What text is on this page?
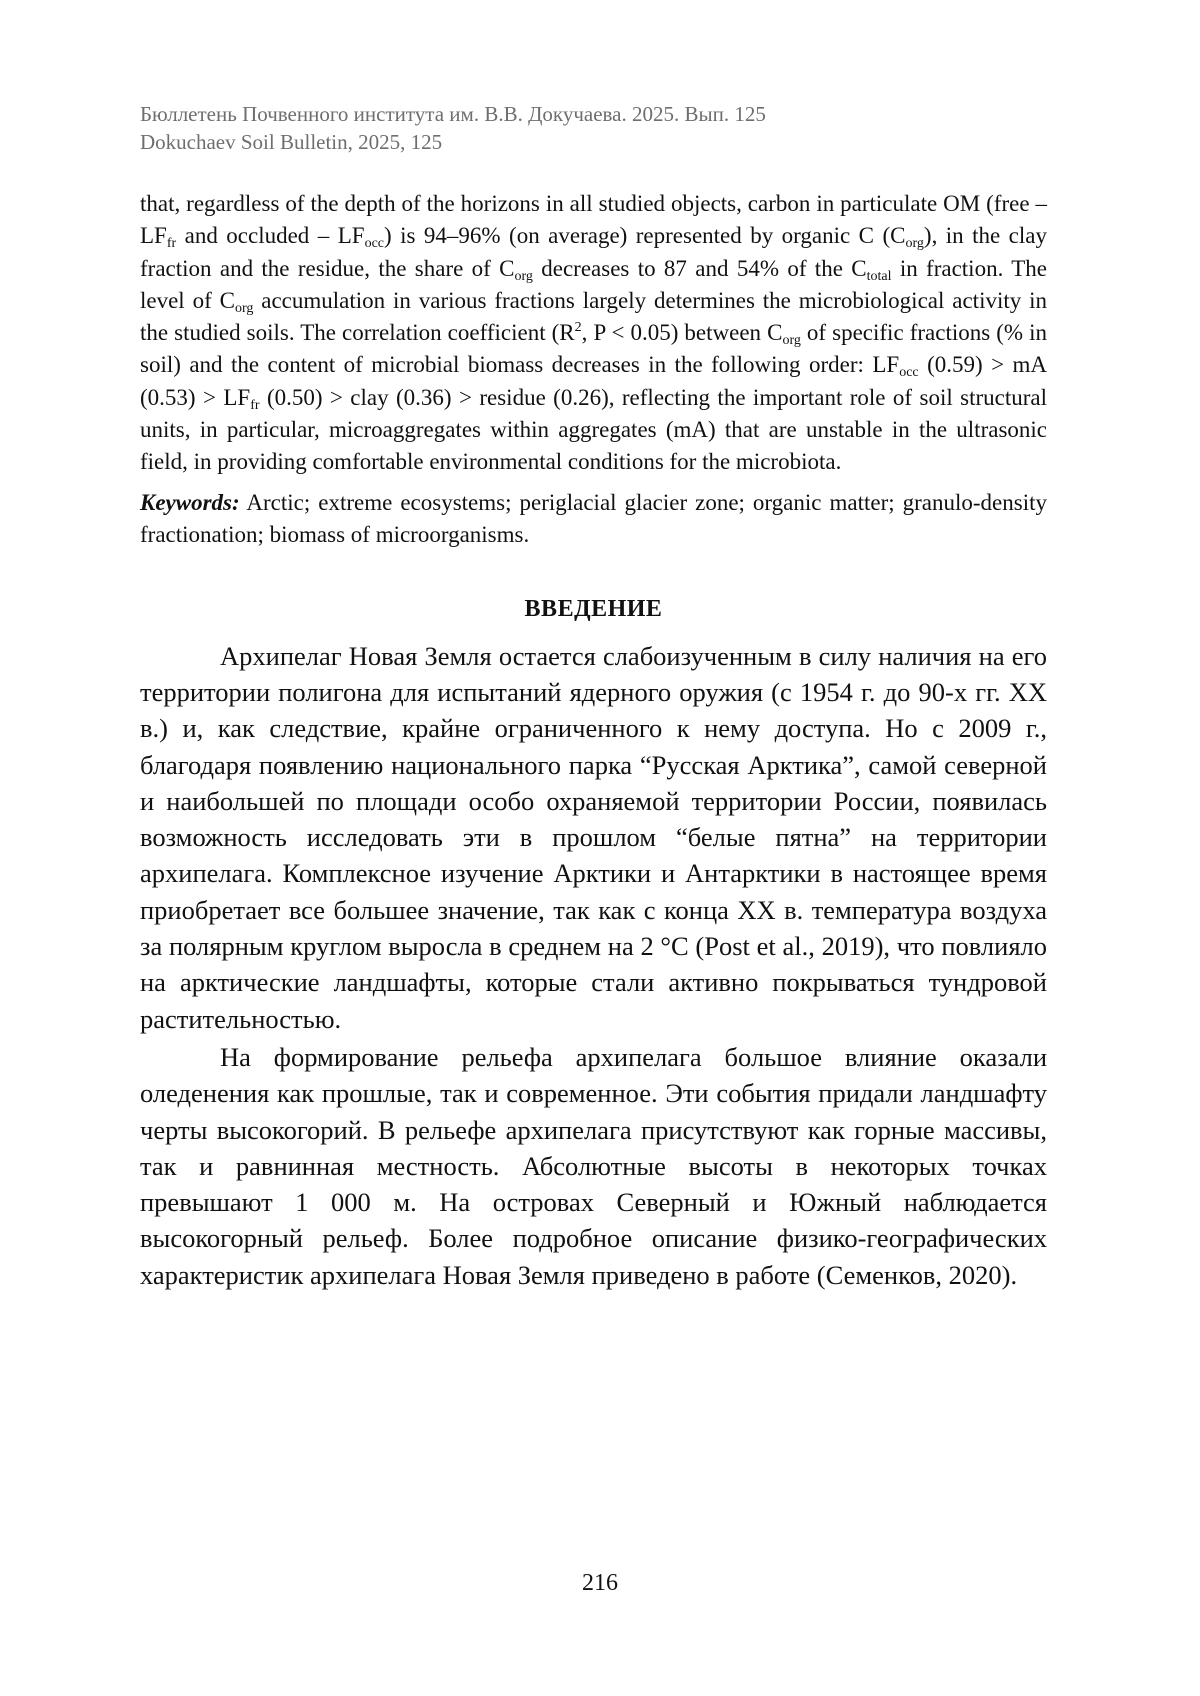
Бюллетень Почвенного института им. В.В. Докучаева. 2025. Вып. 125
Dokuchaev Soil Bulletin, 2025, 125

that, regardless of the depth of the horizons in all studied objects, carbon in particulate OM (free – $LF_{fr}$ and occluded – $LF_{occ}$) is 94–96% (on average) represented by organic C $(C_{org})$, in the clay fraction and the residue, the share of $C_{org}$ decreases to 87 and 54% of the $C_{total}$ in fraction. The level of $C_{org}$ accumulation in various fractions largely determines the microbiological activity in the studied soils. The correlation coefficient ($R^2$, P < 0.05) between $C_{org}$ of specific fractions (% in soil) and the content of microbial biomass decreases in the following order: $LF_{occ}$ (0.59) > mA $(0.53) > LF_{fr}$ (0.50) > clay (0.36) > residue (0.26), reflecting the important role of soil structural units, in particular, microaggregates within aggregates (mA) that are unstable in the ultrasonic field, in providing comfortable environmental conditions for the microbiota.

Keywords: Arctic; extreme ecosystems; periglacial glacier zone; organic matter; granulo-density fractionation; biomass of microorganisms.

ВВЕДЕНИЕ

Архипелаг Новая Земля остается слабоизученным в силу наличия на его территории полигона для испытаний ядерного оружия (с 1954 г. до 90-х гг. XX в.) и, как следствие, крайне ограниченного к нему доступа. Но с 2009 г., благодаря появлению национального парка “Русская Арктика”, самой северной и наибольшей по площади особо охраняемой территории России, появилась возможность исследовать эти в прошлом “белые пятна” на территории архипелага. Комплексное изучение Арктики и Антарктики в настоящее время приобретает все большее значение, так как с конца XX в. температура воздуха за полярным круглом выросла в среднем на 2 °C (Post et al., 2019), что повлияло на арктические ландшафты, которые стали активно покрываться тундровой растительностью.

На формирование рельефа архипелага большое влияние оказали оледенения как прошлые, так и современное. Эти события придали ландшафту черты высокогорий. В рельефе архипелага присутствуют как горные массивы, так и равнинная местность. Абсолютные высоты в некоторых точках превышают 1 000 м. На островах Северный и Южный наблюдается высокогорный рельеф. Более подробное описание физико-географических характеристик архипелага Новая Земля приведено в работе (Семенков, 2020).

216
